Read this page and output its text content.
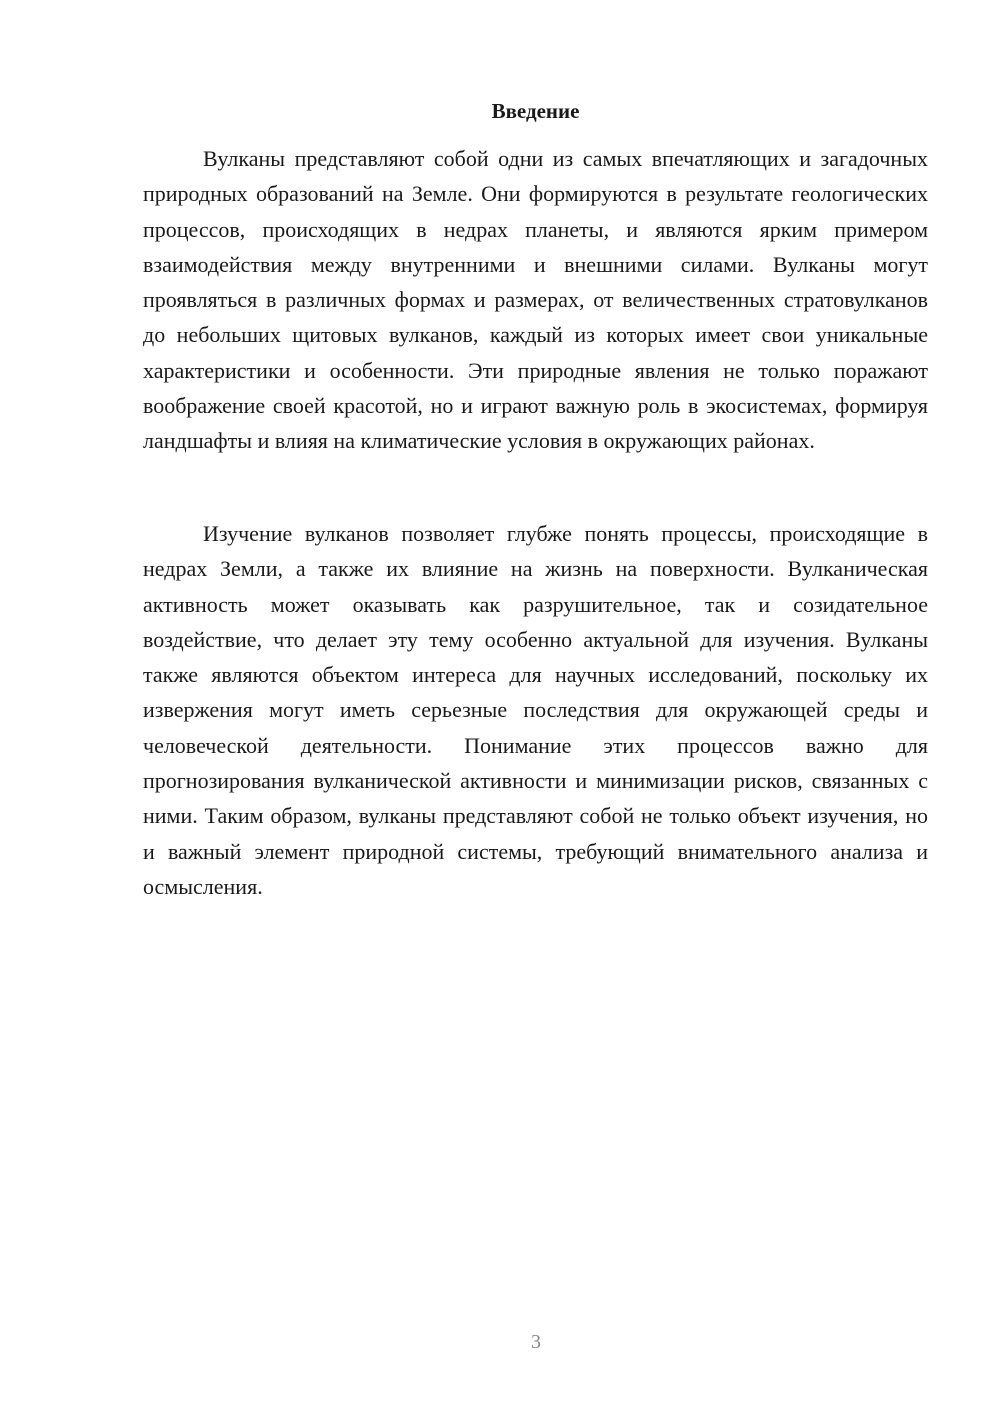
Введение

Вулканы представляют собой одни из самых впечатляющих и загадочных природных образований на Земле. Они формируются в результате геологических процессов, происходящих в недрах планеты, и являются ярким примером взаимодействия между внутренними и внешними силами. Вулканы могут проявляться в различных формах и размерах, от величественных стратовулканов до небольших щитовых вулканов, каждый из которых имеет свои уникальные характеристики и особенности. Эти природные явления не только поражают воображение своей красотой, но и играют важную роль в экосистемах, формируя ландшафты и влияя на климатические условия в окружающих районах.

Изучение вулканов позволяет глубже понять процессы, происходящие в недрах Земли, а также их влияние на жизнь на поверхности. Вулканическая активность может оказывать как разрушительное, так и созидательное воздействие, что делает эту тему особенно актуальной для изучения. Вулканы также являются объектом интереса для научных исследований, поскольку их извержения могут иметь серьезные последствия для окружающей среды и человеческой деятельности. Понимание этих процессов важно для прогнозирования вулканической активности и минимизации рисков, связанных с ними. Таким образом, вулканы представляют собой не только объект изучения, но и важный элемент природной системы, требующий внимательного анализа и осмысления.

3
